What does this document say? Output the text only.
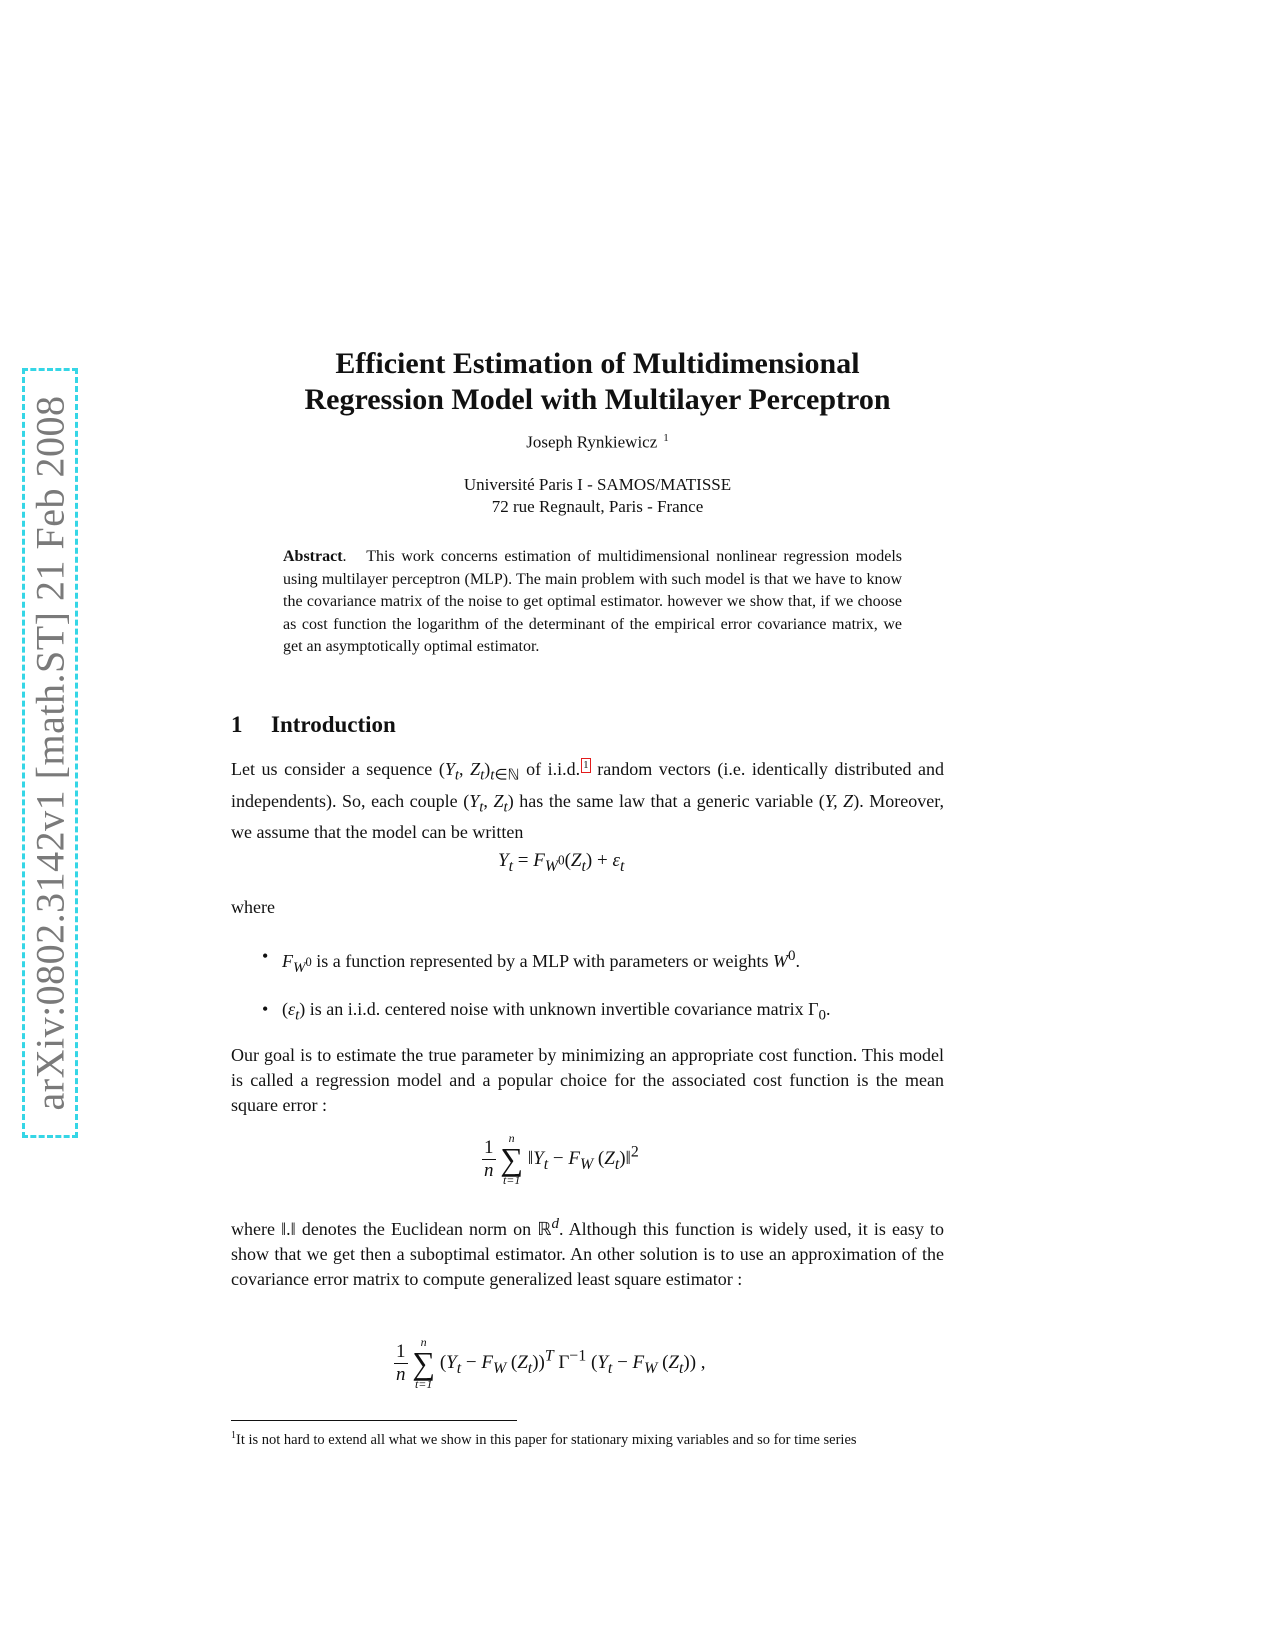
arXiv:0802.3142v1 [math.ST] 21 Feb 2008
Efficient Estimation of Multidimensional
Regression Model with Multilayer Perceptron
Joseph Rynkiewicz $^1$
Université Paris I - SAMOS/MATISSE
72 rue Regnault, Paris - France
Abstract.   This work concerns estimation of multidimensional nonlinear regression models using multilayer perceptron (MLP). The main problem with such model is that we have to know the covariance matrix of the noise to get optimal estimator. however we show that, if we choose as cost function the logarithm of the determinant of the empirical error covariance matrix, we get an asymptotically optimal estimator.
1 Introduction
Let us consider a sequence ($Y_t$, $Z_t)_{t\in ℕ}$ of i.i.d. 1 random vectors (i.e. identically distributed and independents). So, each couple ($Y_t$, $Z_t$) has the same law that a generic variable (Y, Z). Moreover, we assume that the model can be written
$Y_t = F_{W^0}(Z_t) + \varepsilon_t$
where
• $F_{W^0}$ is a function represented by a MLP with parameters or weights $W^0$.
• $(\varepsilon_t)$ is an i.i.d. centered noise with unknown invertible covariance matrix $\Gamma_0$.
Our goal is to estimate the true parameter by minimizing an appropriate cost function. This model is called a regression model and a popular choice for the associated cost function is the mean square error :
$\frac{1}{n}$
	n
∑
t=1
$‖Y_t - F_W$ $(Z_t)‖^2$
where ‖.‖ denotes the Euclidean norm on ℝ$^d$. Although this function is widely used, it is easy to show that we get then a suboptimal estimator. An other solution is to use an approximation of the covariance error matrix to compute generalized least square estimator :
$\frac{1}{n}$
	n
∑
t=1
($Y_t - F_W$ $(Z_t))^T$ $\Gamma^{-1}$ ($Y_t - F_W$ $(Z_t)$) ,
$^1$It is not hard to extend all what we show in this paper for stationary mixing variables and so for time series
